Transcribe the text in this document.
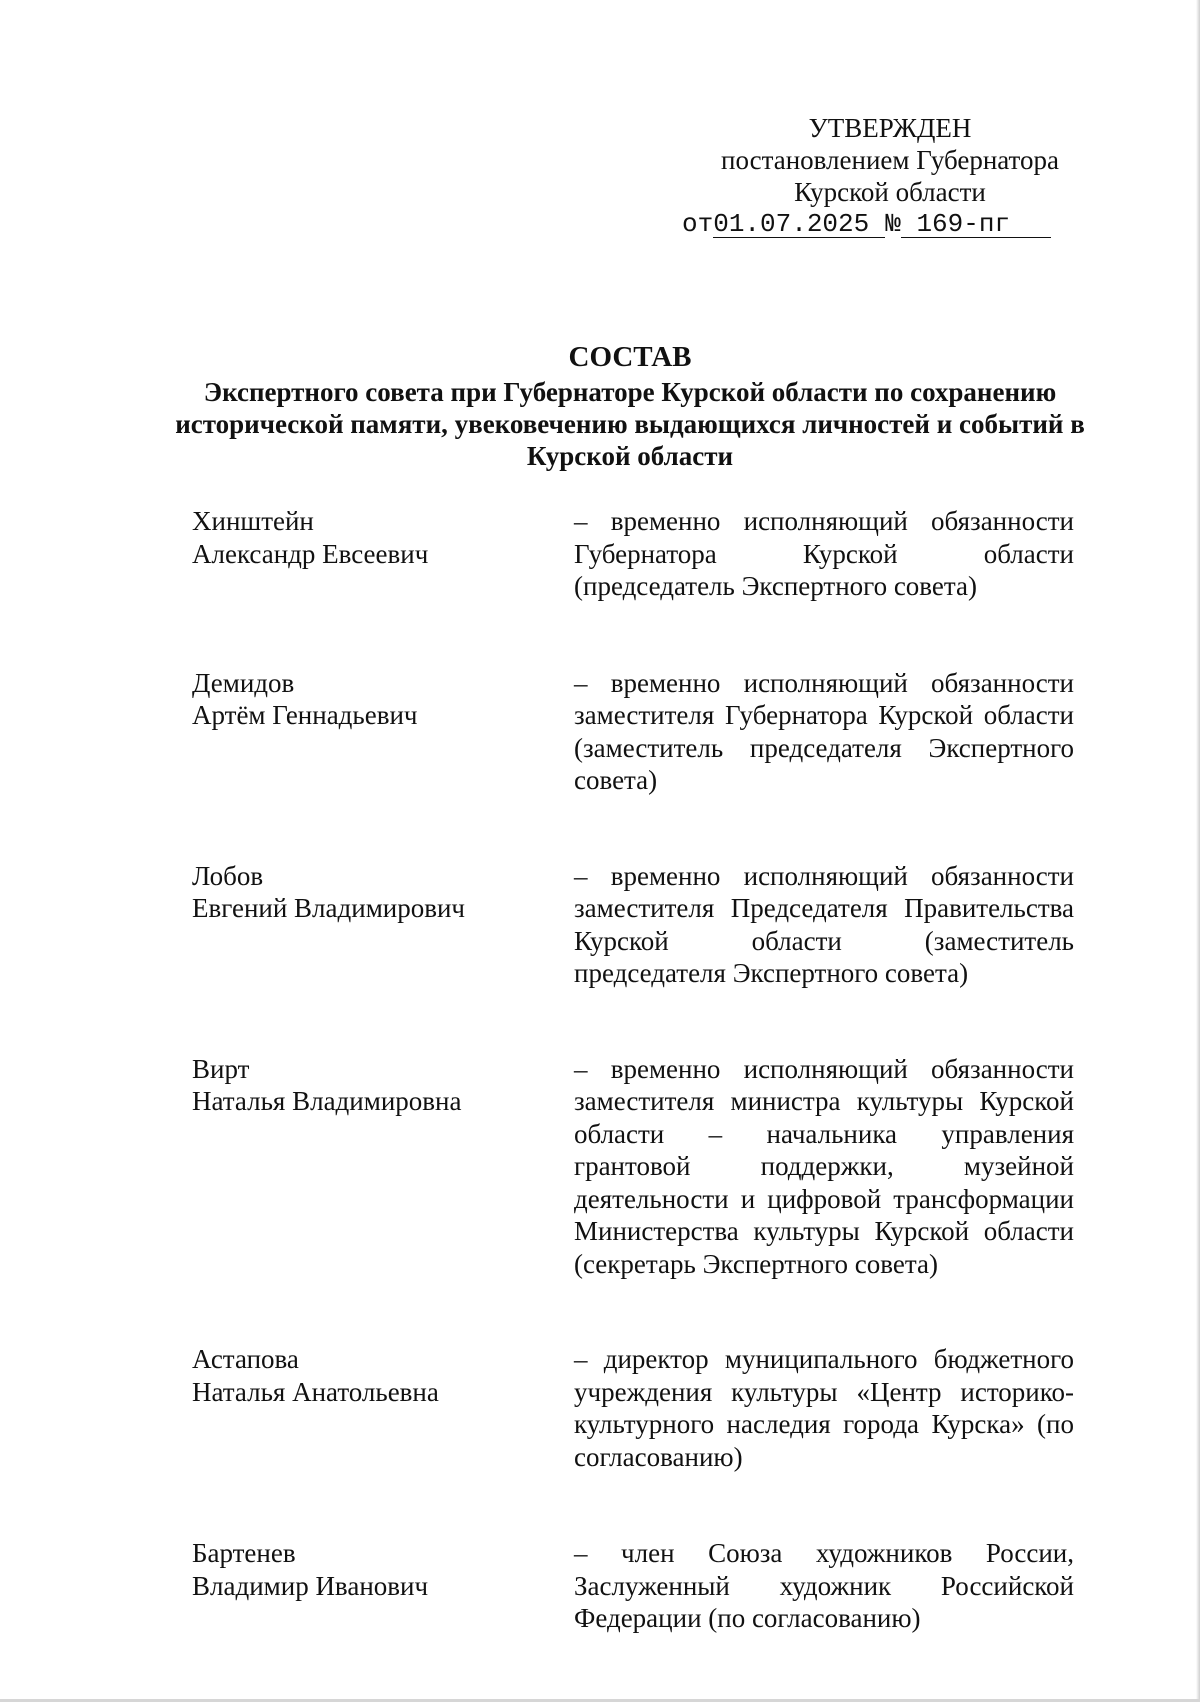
УТВЕРЖДЕН
постановлением Губернатора
Курской области
от01.07.2025 № 169-пг
СОСТАВ
Экспертного совета при Губернаторе Курской области по сохранению исторической памяти, увековечению выдающихся личностей и событий в Курской области
Хинштейн
Александр Евсеевич
– временно исполняющий обязанности Губернатора Курской области (председатель Экспертного совета)
Демидов
Артём Геннадьевич
– временно исполняющий обязанности заместителя Губернатора Курской области (заместитель председателя Экспертного совета)
Лобов
Евгений Владимирович
– временно исполняющий обязанности заместителя Председателя Правительства Курской области (заместитель председателя Экспертного совета)
Вирт
Наталья Владимировна
– временно исполняющий обязанности заместителя министра культуры Курской области – начальника управления грантовой поддержки, музейной деятельности и цифровой трансформации Министерства культуры Курской области (секретарь Экспертного совета)
Астапова
Наталья Анатольевна
– директор муниципального бюджетного учреждения культуры «Центр историко-культурного наследия города Курска» (по согласованию)
Бартенев
Владимир Иванович
– член Союза художников России, Заслуженный художник Российской Федерации (по согласованию)
